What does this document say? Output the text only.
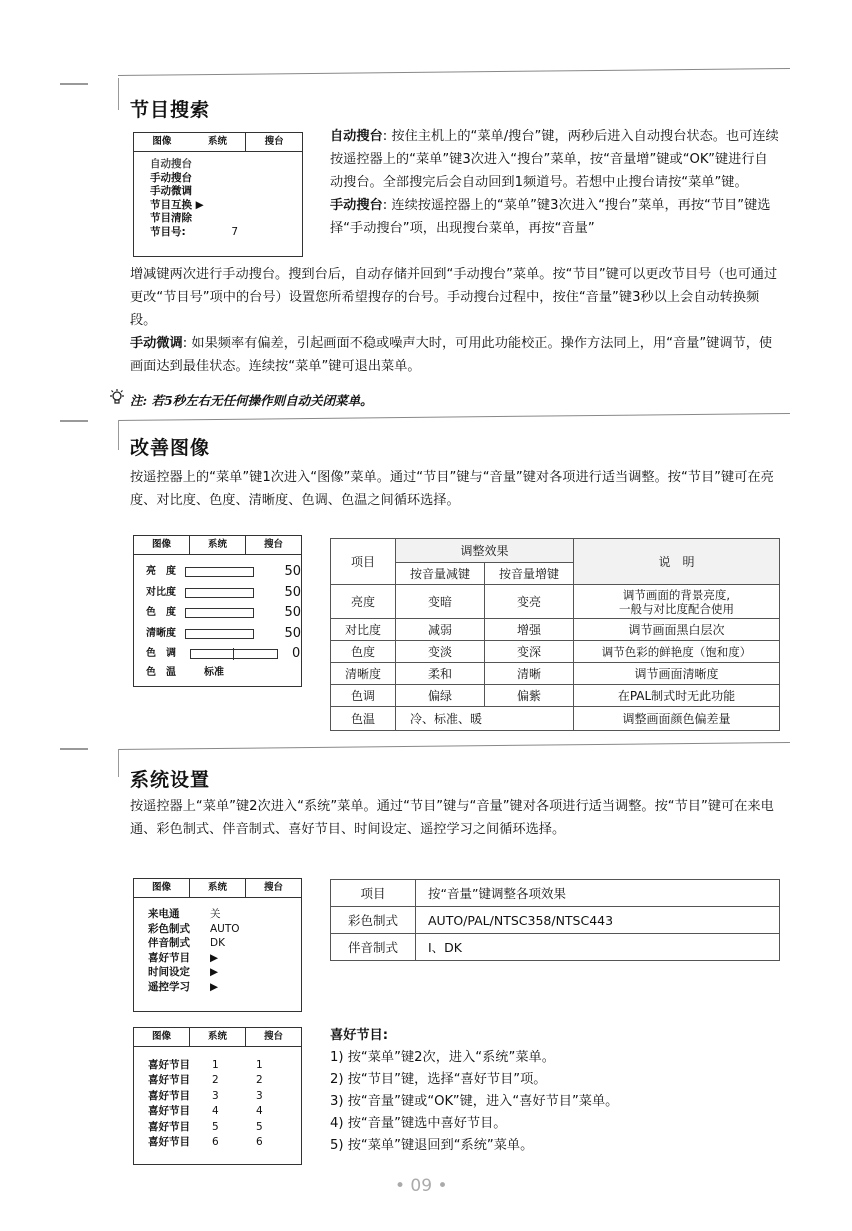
节目搜索
图像	系统	搜台
自动搜台
手动搜台
手动微调
节目互换 ▶
节目清除
节目号:	7
自动搜台: 按住主机上的“菜单/搜台”键，两秒后进入自动搜台状态。也可连续按遥控器上的“菜单”键3次进入“搜台”菜单，按“音量增”键或“OK”键进行自动搜台。全部搜完后会自动回到1频道号。若想中止搜台请按“菜单”键。
手动搜台: 连续按遥控器上的“菜单”键3次进入“搜台”菜单，再按“节目”键选择“手动搜台”项，出现搜台菜单，再按“音量”
增减键两次进行手动搜台。搜到台后，自动存储并回到“手动搜台”菜单。按“节目”键可以更改节目号（也可通过更改“节目号”项中的台号）设置您所希望搜存的台号。手动搜台过程中，按住“音量”键3秒以上会自动转换频段。
手动微调: 如果频率有偏差，引起画面不稳或噪声大时，可用此功能校正。操作方法同上，用“音量”键调节，使画面达到最佳状态。连续按“菜单”键可退出菜单。
注: 若5秒左右无任何操作则自动关闭菜单。
改善图像
按遥控器上的“菜单”键1次进入“图像”菜单。通过“节目”键与“音量”键对各项进行适当调整。按“节目”键可在亮度、对比度、色度、清晰度、色调、色温之间循环选择。
图像	系统	搜台
亮　度	50
对比度	50
色　度	50
清晰度	50
色　调	0
色　温	标准
项目	调整效果		说　明
	按音量减键	按音量增键	
亮度	变暗	变亮	调节画面的背景亮度,
一般与对比度配合使用
对比度	减弱	增强	调节画面黑白层次
色度	变淡	变深	调节色彩的鲜艳度（饱和度）
清晰度	柔和	清晰	调节画面清晰度
色调	偏绿	偏紫	在PAL制式时无此功能
色温	冷、标准、暖		调整画面颜色偏差量
系统设置
按遥控器上“菜单”键2次进入“系统”菜单。通过“节目”键与“音量”键对各项进行适当调整。按“节目”键可在来电通、彩色制式、伴音制式、喜好节目、时间设定、遥控学习之间循环选择。
图像	系统	搜台
来电通	关
彩色制式	AUTO
伴音制式	DK
喜好节目	▶
时间设定	▶
遥控学习	▶
项目	按“音量”键调整各项效果
彩色制式	AUTO/PAL/NTSC358/NTSC443
伴音制式	I、DK
图像	系统	搜台
喜好节目	1	1
喜好节目	2	2
喜好节目	3	3
喜好节目	4	4
喜好节目	5	5
喜好节目	6	6
喜好节目:
1) 按“菜单”键2次，进入“系统”菜单。
2) 按“节目”键，选择“喜好节目”项。
3) 按“音量”键或“OK”键，进入“喜好节目”菜单。
4) 按“音量”键选中喜好节目。
5) 按“菜单”键退回到“系统”菜单。
• 09 •
